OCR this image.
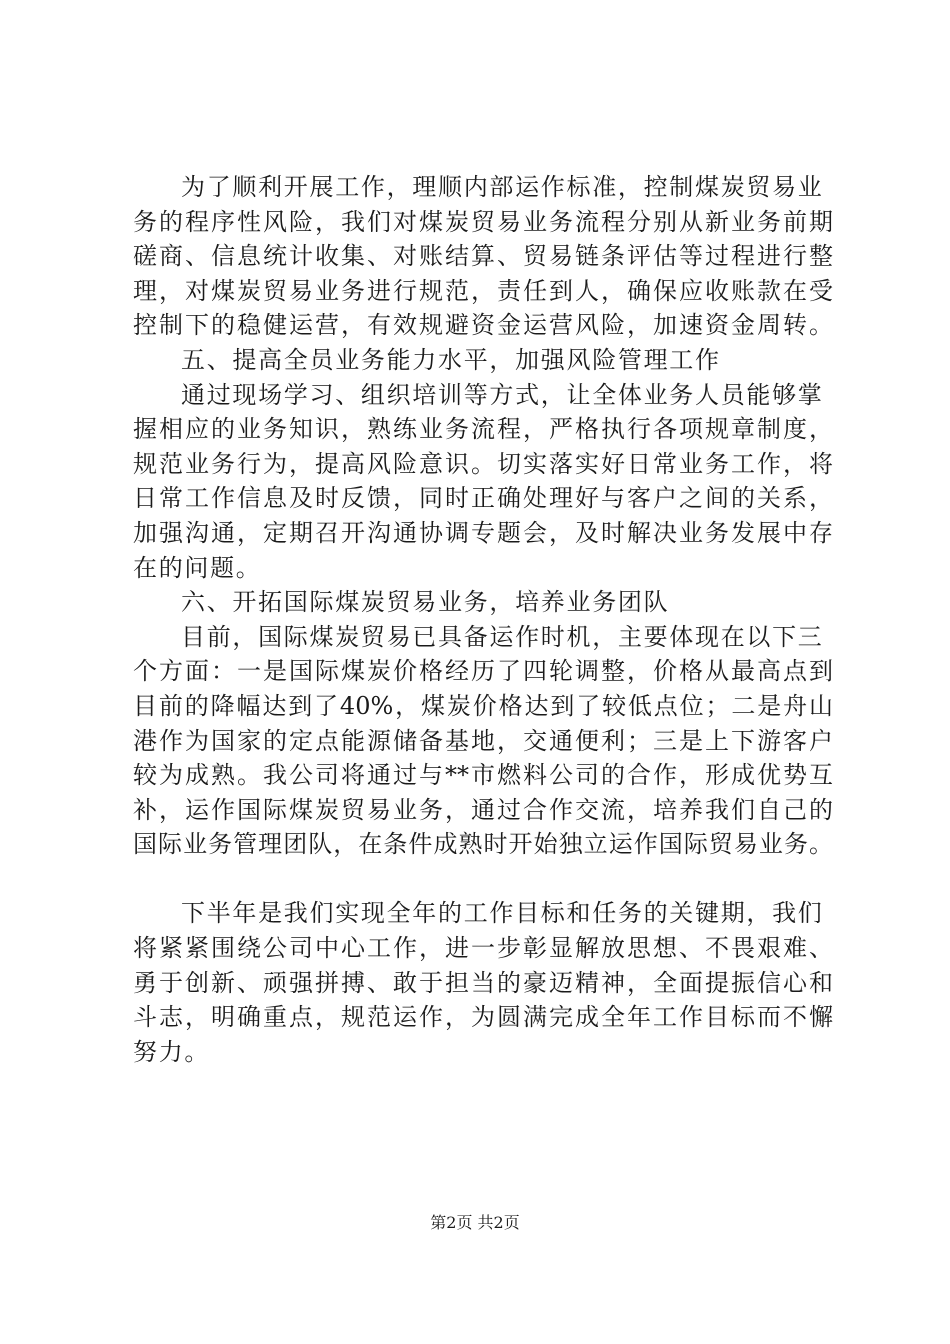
为了顺利开展工作，理顺内部运作标准，控制煤炭贸易业
务的程序性风险，我们对煤炭贸易业务流程分别从新业务前期
磋商、信息统计收集、对账结算、贸易链条评估等过程进行整
理，对煤炭贸易业务进行规范，责任到人，确保应收账款在受
控制下的稳健运营，有效规避资金运营风险，加速资金周转。
五、提高全员业务能力水平，加强风险管理工作
通过现场学习、组织培训等方式，让全体业务人员能够掌
握相应的业务知识，熟练业务流程，严格执行各项规章制度，
规范业务行为，提高风险意识。切实落实好日常业务工作，将
日常工作信息及时反馈，同时正确处理好与客户之间的关系，
加强沟通，定期召开沟通协调专题会，及时解决业务发展中存
在的问题。
六、开拓国际煤炭贸易业务，培养业务团队
目前，国际煤炭贸易已具备运作时机，主要体现在以下三
个方面：一是国际煤炭价格经历了四轮调整，价格从最高点到
目前的降幅达到了40%，煤炭价格达到了较低点位；二是舟山
港作为国家的定点能源储备基地，交通便利；三是上下游客户
较为成熟。我公司将通过与**市燃料公司的合作，形成优势互
补，运作国际煤炭贸易业务，通过合作交流，培养我们自己的
国际业务管理团队，在条件成熟时开始独立运作国际贸易业务。
下半年是我们实现全年的工作目标和任务的关键期，我们
将紧紧围绕公司中心工作，进一步彰显解放思想、不畏艰难、
勇于创新、顽强拼搏、敢于担当的豪迈精神，全面提振信心和
斗志，明确重点，规范运作，为圆满完成全年工作目标而不懈
努力。
第2页 共2页
